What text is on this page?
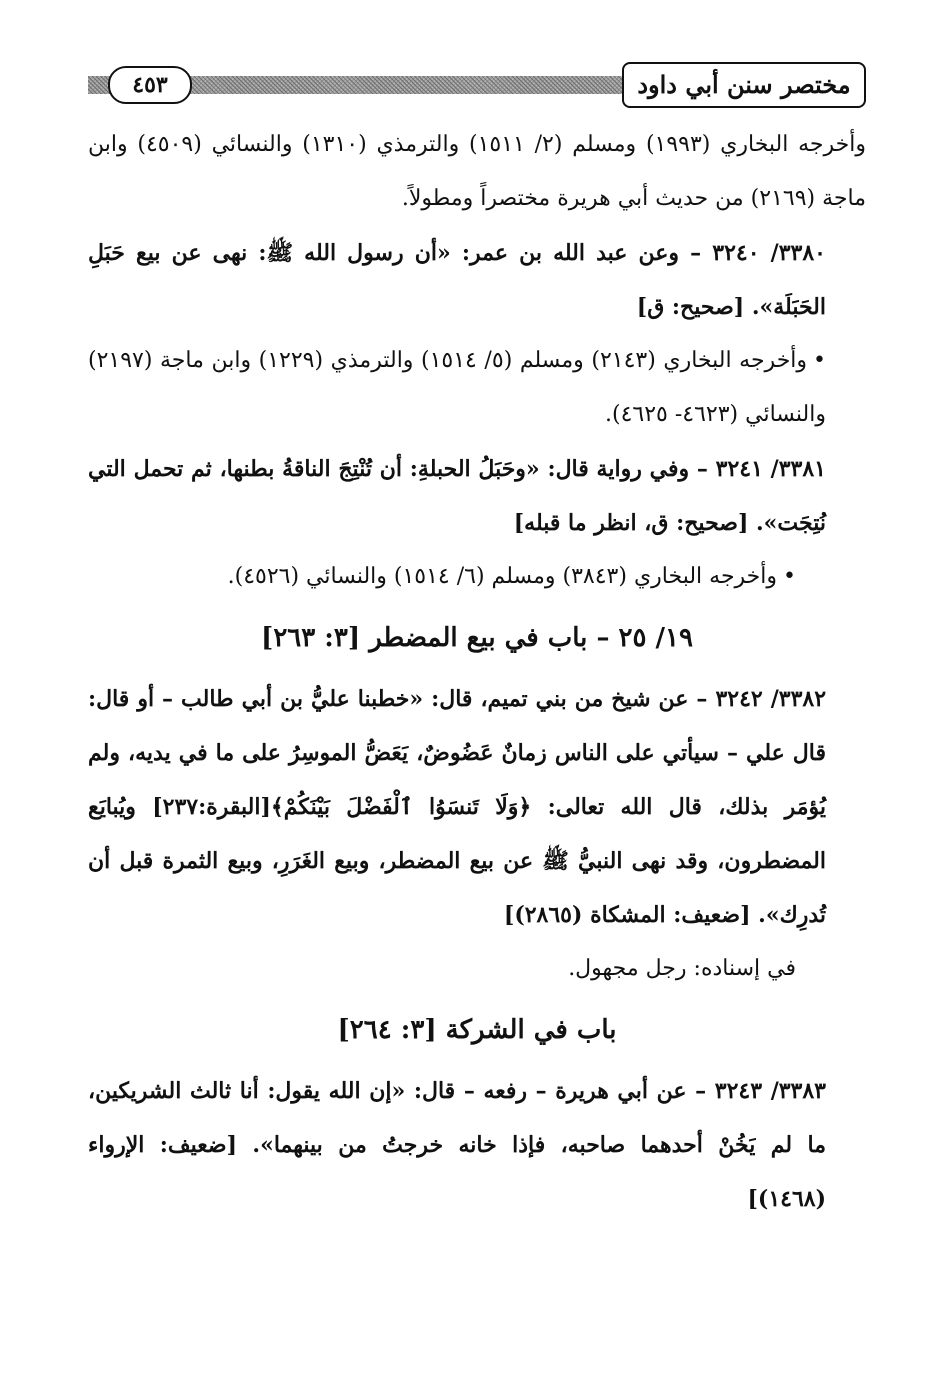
٤٥٣	مختصر سنن أبي داود

وأخرجه البخاري (١٩٩٣) ومسلم (٢/ ١٥١١) والترمذي (١٣١٠) والنسائي (٤٥٠٩) وابن ماجة (٢١٦٩) من حديث أبي هريرة مختصراً ومطولاً.

٣٣٨٠/ ٣٢٤٠ – وعن عبد الله بن عمر: «أن رسول الله ﷺ: نهى عن بيع حَبَلِ الحَبَلَة». [صحيح: ق]

•وأخرجه البخاري (٢١٤٣) ومسلم (٥/ ١٥١٤) والترمذي (١٢٢٩) وابن ماجة (٢١٩٧) والنسائي (٤٦٢٣- ٤٦٢٥).

٣٣٨١/ ٣٢٤١ – وفي رواية قال: «وحَبَلُ الحبلةِ: أن تُنْتِجَ الناقةُ بطنها، ثم تحمل التي نُتِجَت». [صحيح: ق، انظر ما قبله]

•وأخرجه البخاري (٣٨٤٣) ومسلم (٦/ ١٥١٤) والنسائي (٤٥٢٦).

١٩/ ٢٥ – باب في بيع المضطر [٣: ٢٦٣]

٣٣٨٢/ ٣٢٤٢ – عن شيخ من بني تميم، قال: «خطبنا عليُّ بن أبي طالب – أو قال: قال علي – سيأتي على الناس زمانٌ عَضُوضٌ، يَعَضُّ الموسِرُ على ما في يديه، ولم يُؤمَر بذلك، قال الله تعالى: ﴿وَلَا تَنسَوُا ٱلْفَضْلَ بَيْنَكُمْ﴾[البقرة:٢٣٧] ويُبايَع المضطرون، وقد نهى النبيُّ ﷺ عن بيع المضطر، وبيع الغَرَرِ، وبيع الثمرة قبل أن تُدرِك». [ضعيف: المشكاة (٢٨٦٥)]

في إسناده: رجل مجهول.

باب في الشركة [٣: ٢٦٤]

٣٣٨٣/ ٣٢٤٣ – عن أبي هريرة – رفعه – قال: «إن الله يقول: أنا ثالث الشريكين، ما لم يَخُنْ أحدهما صاحبه، فإذا خانه خرجتُ من بينهما». [ضعيف: الإرواء (١٤٦٨)]
